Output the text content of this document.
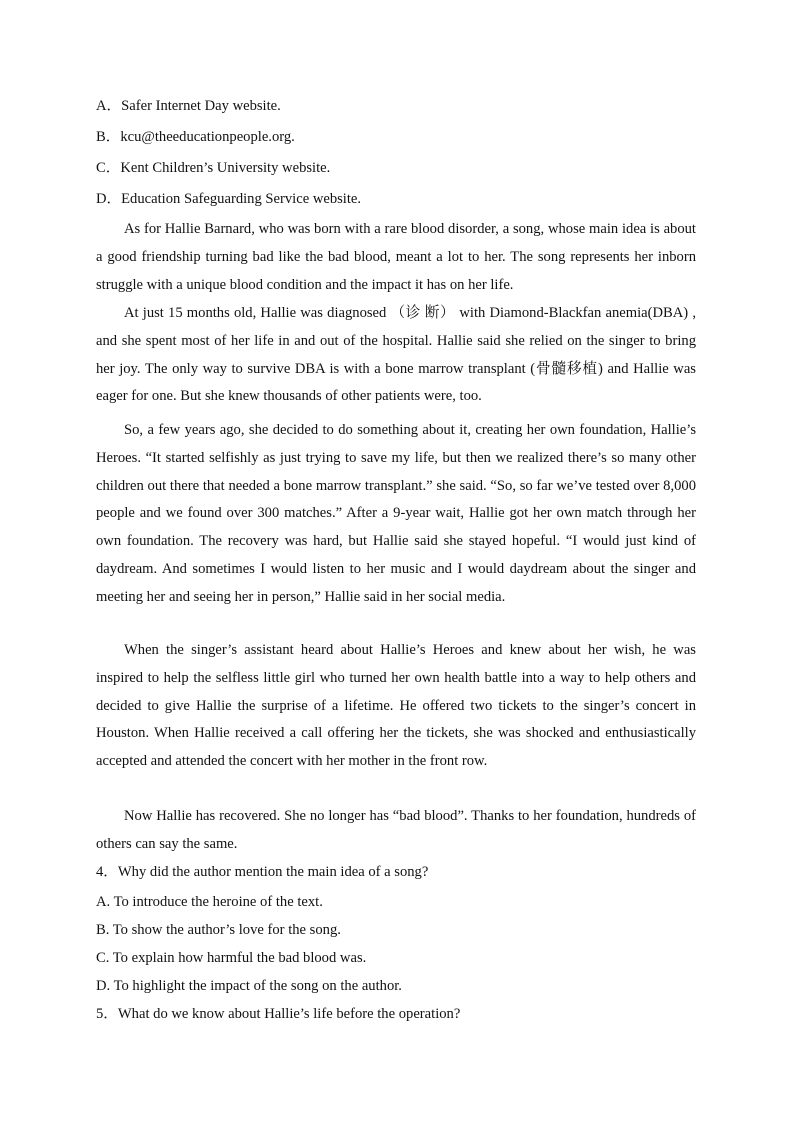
A．Safer Internet Day website.
B．kcu@theeducationpeople.org.
C．Kent Children’s University website.
D．Education Safeguarding Service website.

As for Hallie Barnard, who was born with a rare blood disorder, a song, whose main idea is about a good friendship turning bad like the bad blood, meant a lot to her. The song represents her inborn struggle with a unique blood condition and the impact it has on her life.

At just 15 months old, Hallie was diagnosed （诊 断） with Diamond-Blackfan anemia(DBA) , and she spent most of her life in and out of the hospital. Hallie said she relied on the singer to bring her joy. The only way to survive DBA is with a bone marrow transplant (骨髓移植) and Hallie was eager for one. But she knew thousands of other patients were, too.

So, a few years ago, she decided to do something about it, creating her own foundation, Hallie’s Heroes. “It started selfishly as just trying to save my life, but then we realized there’s so many other children out there that needed a bone marrow transplant.” she said. “So, so far we’ve tested over 8,000 people and we found over 300 matches.” After a 9-year wait, Hallie got her own match through her own foundation. The recovery was hard, but Hallie said she stayed hopeful. “I would just kind of daydream. And sometimes I would listen to her music and I would daydream about the singer and meeting her and seeing her in person,” Hallie said in her social media.

When the singer’s assistant heard about Hallie’s Heroes and knew about her wish, he was inspired to help the selfless little girl who turned her own health battle into a way to help others and decided to give Hallie the surprise of a lifetime. He offered two tickets to the singer’s concert in Houston. When Hallie received a call offering her the tickets, she was shocked and enthusiastically accepted and attended the concert with her mother in the front row.

Now Hallie has recovered. She no longer has “bad blood”. Thanks to her foundation, hundreds of others can say the same.

4．Why did the author mention the main idea of a song?
A. To introduce the heroine of the text.
B. To show the author’s love for the song.
C. To explain how harmful the bad blood was.
D. To highlight the impact of the song on the author.
5．What do we know about Hallie’s life before the operation?
